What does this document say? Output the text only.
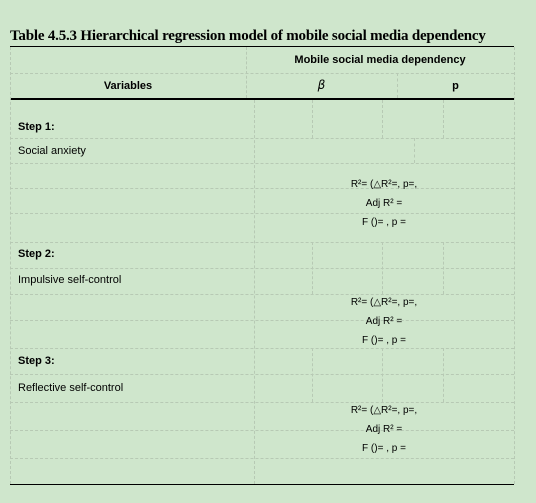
Table 4.5.3 Hierarchical regression model of mobile social media dependency
Mobile social media dependency
Variables	β	p
Step 1:
Social anxiety
R²= (△R²=, p=,
Adj R² =
F ()= , p =
Step 2:
Impulsive self-control
R²= (△R²=, p=,
Adj R² =
F ()= , p =
Step 3:
Reflective self-control
R²= (△R²=, p=,
Adj R² =
F ()= , p =
